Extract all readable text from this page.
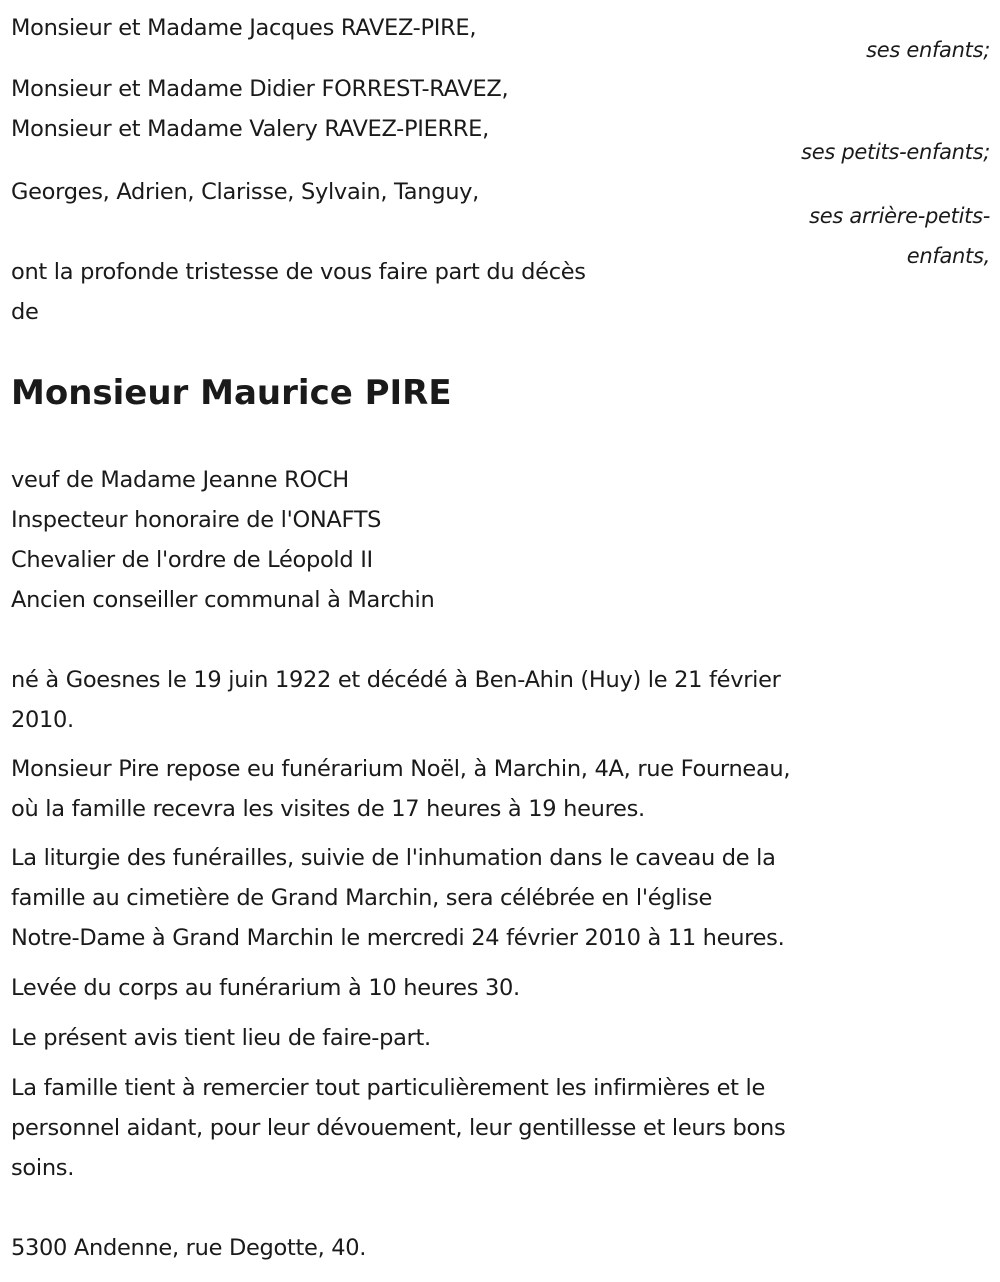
Monsieur et Madame Jacques RAVEZ-PIRE,
ses enfants;
Monsieur et Madame Didier FORREST-RAVEZ,
Monsieur et Madame Valery RAVEZ-PIERRE,
ses petits-enfants;
Georges, Adrien, Clarisse, Sylvain, Tanguy,
ses arrière-petits-
enfants,
ont la profonde tristesse de vous faire part du décès
de
Monsieur Maurice PIRE
veuf de Madame Jeanne ROCH
Inspecteur honoraire de l'ONAFTS
Chevalier de l'ordre de Léopold II
Ancien conseiller communal à Marchin
né à Goesnes le 19 juin 1922 et décédé à Ben-Ahin (Huy) le 21 février
2010.
Monsieur Pire repose eu funérarium Noël, à Marchin, 4A, rue Fourneau,
où la famille recevra les visites de 17 heures à 19 heures.
La liturgie des funérailles, suivie de l'inhumation dans le caveau de la
famille au cimetière de Grand Marchin, sera célébrée en l'église
Notre-Dame à Grand Marchin le mercredi 24 février 2010 à 11 heures.
Levée du corps au funérarium à 10 heures 30.
Le présent avis tient lieu de faire-part.
La famille tient à remercier tout particulièrement les infirmières et le
personnel aidant, pour leur dévouement, leur gentillesse et leurs bons
soins.
5300 Andenne, rue Degotte, 40.
